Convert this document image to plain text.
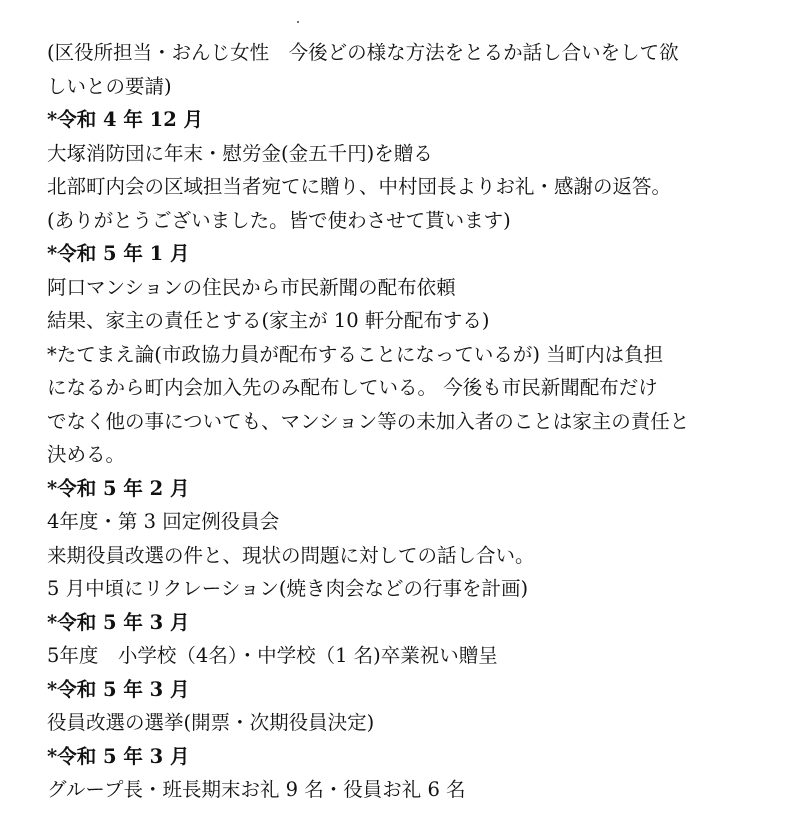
(区役所担当・おんじ女性　今後どの様な方法をとるか話し合いをして欲
しいとの要請)
*令和 4 年 12 月
大塚消防団に年末・慰労金(金五千円)を贈る
北部町内会の区域担当者宛てに贈り、中村団長よりお礼・感謝の返答。
(ありがとうございました。皆で使わさせて貰います)
*令和 5 年 1 月
阿口マンションの住民から市民新聞の配布依頼
結果、家主の責任とする(家主が 10 軒分配布する)
*たてまえ論(市政協力員が配布することになっているが) 当町内は負担
になるから町内会加入先のみ配布している。 今後も市民新聞配布だけ
でなく他の事についても、マンション等の未加入者のことは家主の責任と
決める。
*令和 5 年 2 月
4年度・第 3 回定例役員会
来期役員改選の件と、現状の問題に対しての話し合い。
5 月中頃にリクレーション(焼き肉会などの行事を計画)
*令和 5 年 3 月
5年度　小学校（4名）・中学校（1 名)卒業祝い贈呈
*令和 5 年 3 月
役員改選の選挙(開票・次期役員決定)
*令和 5 年 3 月
グループ長・班長期末お礼 9 名・役員お礼 6 名
